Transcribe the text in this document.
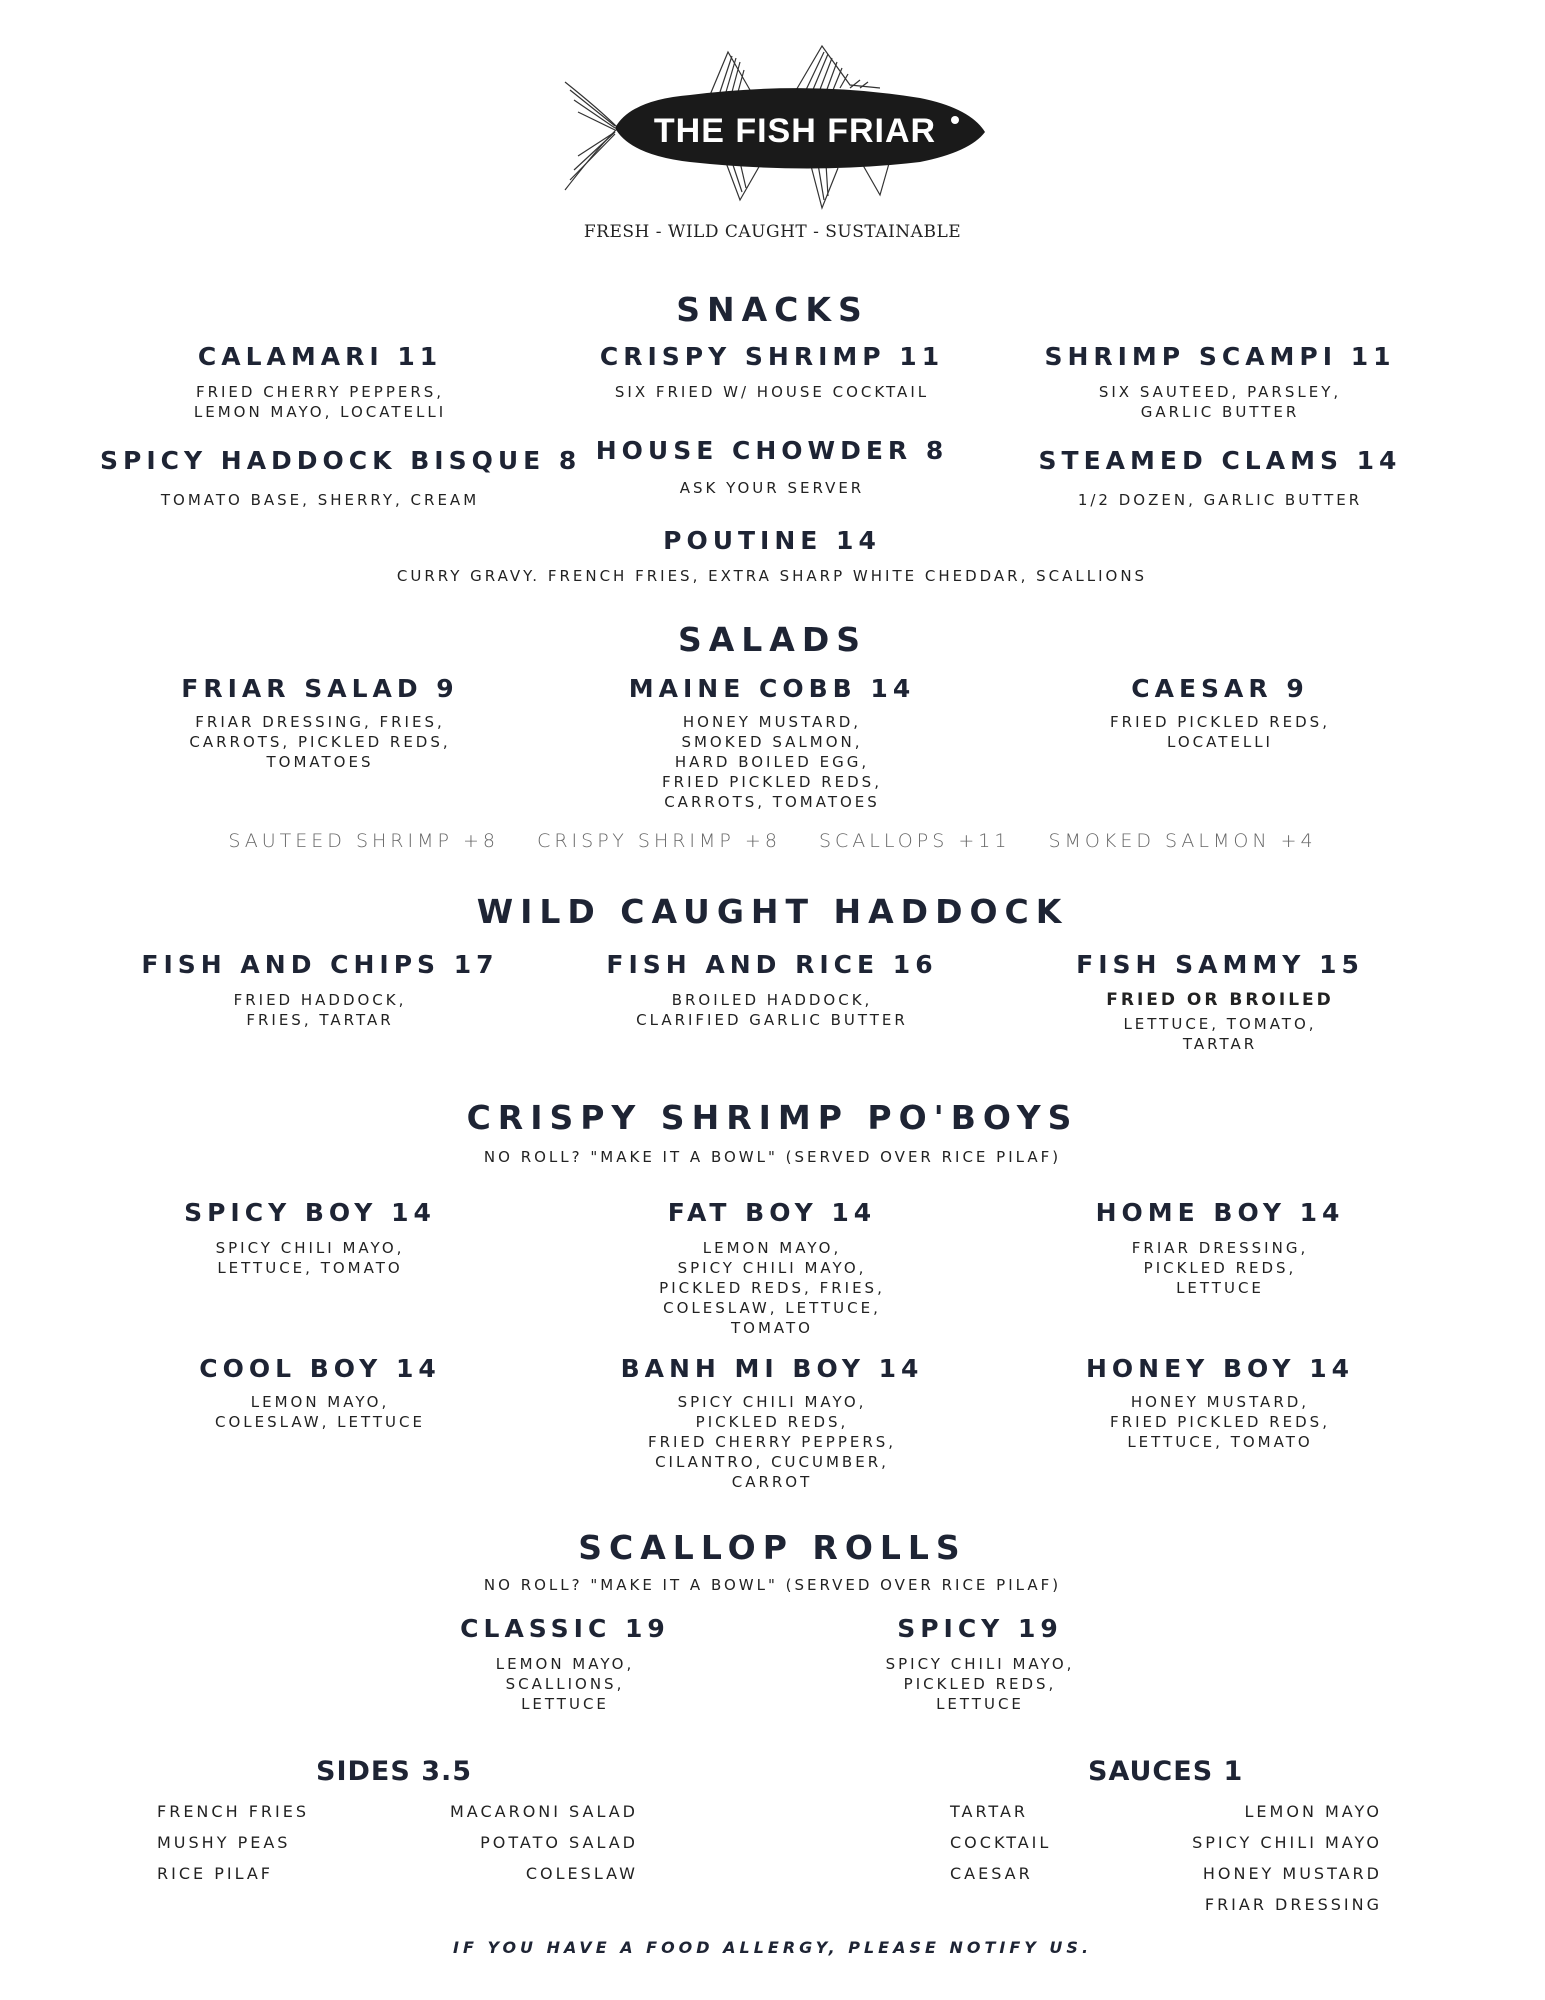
THE FISH FRIAR
FRESH - WILD CAUGHT - SUSTAINABLE
SNACKS
CALAMARI 11
FRIED CHERRY PEPPERS,
LEMON MAYO, LOCATELLI
CRISPY SHRIMP 11
SIX FRIED W/ HOUSE COCKTAIL
SHRIMP SCAMPI 11
SIX SAUTEED, PARSLEY,
GARLIC BUTTER
SPICY HADDOCK BISQUE 8
TOMATO BASE, SHERRY, CREAM
HOUSE CHOWDER 8
ASK YOUR SERVER
STEAMED CLAMS 14
1/2 DOZEN, GARLIC BUTTER
POUTINE 14
CURRY GRAVY. FRENCH FRIES, EXTRA SHARP WHITE CHEDDAR, SCALLIONS
SALADS
FRIAR SALAD 9
FRIAR DRESSING, FRIES,
CARROTS, PICKLED REDS,
TOMATOES
MAINE COBB 14
HONEY MUSTARD,
SMOKED SALMON,
HARD BOILED EGG,
FRIED PICKLED REDS,
CARROTS, TOMATOES
CAESAR 9
FRIED PICKLED REDS,
LOCATELLI
SAUTEED SHRIMP +8 CRISPY SHRIMP +8 SCALLOPS +11 SMOKED SALMON +4
WILD CAUGHT HADDOCK
FISH AND CHIPS 17
FRIED HADDOCK,
FRIES, TARTAR
FISH AND RICE 16
BROILED HADDOCK,
CLARIFIED GARLIC BUTTER
FISH SAMMY 15
FRIED OR BROILED
LETTUCE, TOMATO,
TARTAR
CRISPY SHRIMP PO'BOYS
NO ROLL? "MAKE IT A BOWL" (SERVED OVER RICE PILAF)
SPICY BOY 14
SPICY CHILI MAYO,
LETTUCE, TOMATO
FAT BOY 14
LEMON MAYO,
SPICY CHILI MAYO,
PICKLED REDS, FRIES,
COLESLAW, LETTUCE,
TOMATO
HOME BOY 14
FRIAR DRESSING,
PICKLED REDS,
LETTUCE
COOL BOY 14
LEMON MAYO,
COLESLAW, LETTUCE
BANH MI BOY 14
SPICY CHILI MAYO,
PICKLED REDS,
FRIED CHERRY PEPPERS,
CILANTRO, CUCUMBER,
CARROT
HONEY BOY 14
HONEY MUSTARD,
FRIED PICKLED REDS,
LETTUCE, TOMATO
SCALLOP ROLLS
NO ROLL? "MAKE IT A BOWL" (SERVED OVER RICE PILAF)
CLASSIC 19
LEMON MAYO,
SCALLIONS,
LETTUCE
SPICY 19
SPICY CHILI MAYO,
PICKLED REDS,
LETTUCE
SIDES 3.5
FRENCH FRIES
MUSHY PEAS
RICE PILAF
MACARONI SALAD
POTATO SALAD
COLESLAW
SAUCES 1
TARTAR
COCKTAIL
CAESAR
LEMON MAYO
SPICY CHILI MAYO
HONEY MUSTARD
FRIAR DRESSING
IF YOU HAVE A FOOD ALLERGY, PLEASE NOTIFY US.
